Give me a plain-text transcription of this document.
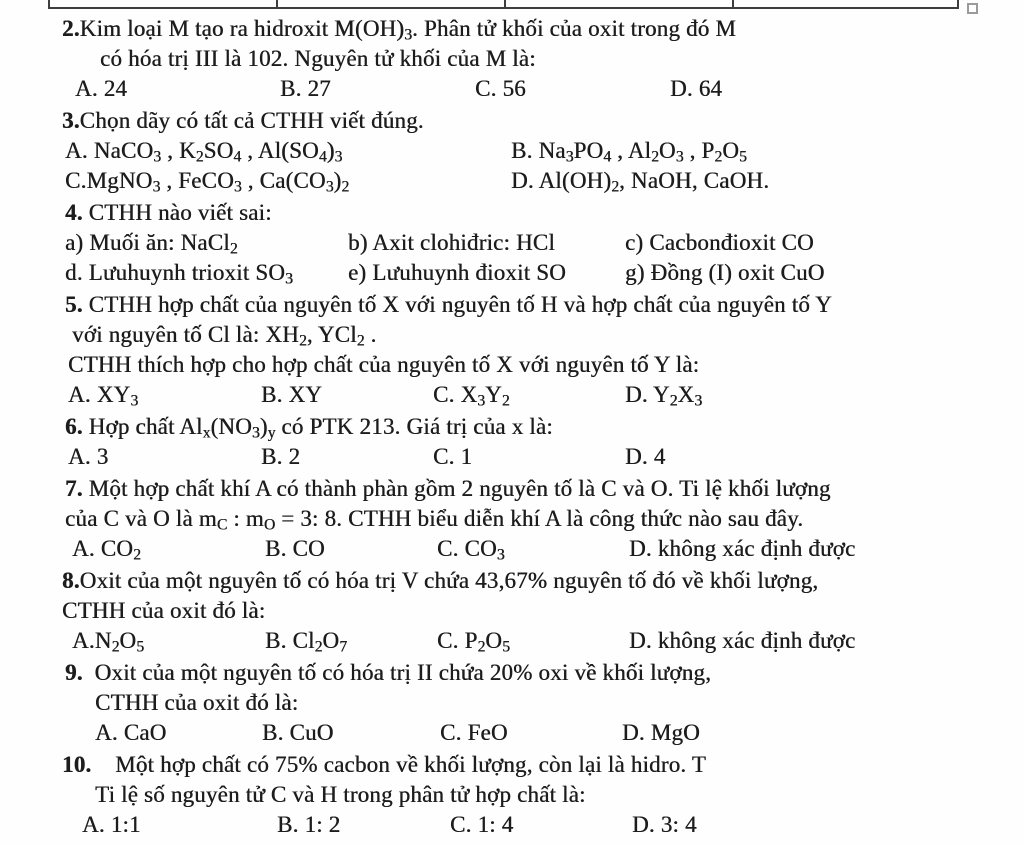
2.Kim loại M tạo ra hidroxit $M(OH)_3$. Phân tử khối của oxit trong đó M
có hóa trị III là 102. Nguyên tử khối của M là:
A. 24	B. 27	C. 56	D. 64
3.Chọn dãy có tất cả CTHH viết đúng.
A. NaCO$_3$ , $K_2SO_4$ , $Al(SO_4)_3$	B. $Na_3PO_4$ , $Al_2O_3$ , $P_2O_5$
C.MgNO$_3$ , FeCO$_3$ , $Ca(CO_3)_2$	D. $Al(OH)_2$, NaOH, CaOH.
4. CTHH nào viết sai:
a) Muối ăn: NaCl$_2$	b) Axit clohiđric: HCl	c) Cacbonđioxit CO
d. Lưuhuynh trioxit $SO_3$	e) Lưuhuynh đioxit SO	g) Đồng (I) oxit CuO
5. CTHH hợp chất của nguyên tố X với nguyên tố H và hợp chất của nguyên tố Y
với nguyên tố Cl là: $XH_2$, YCl$_2$ .
CTHH thích hợp cho hợp chất của nguyên tố X với nguyên tố Y là:
A. $XY_3$	B. XY	C. $X_3Y_2$	D. $Y_2X_3$
6. Hợp chất $Al_x(NO_3)_y$ có PTK 213. Giá trị của x là:
A. 3	B. 2	C. 1	D. 4
7. Một hợp chất khí A có thành phàn gồm 2 nguyên tố là C và O. Ti lệ khối lượng
của C và O là $m_C$ : $m_O = 3$: 8. CTHH biểu diễn khí A là công thức nào sau đây.
A. $CO_2$	B. CO	C. $CO_3$	D. không xác định được
8.Oxit của một nguyên tố có hóa trị V chứa 43,67% nguyên tố đó về khối lượng,
CTHH của oxit đó là:
$A.N_2O_5$	B. $Cl_2O_7$	C. $P_2O_5$	D. không xác định được
9.  Oxit của một nguyên tố có hóa trị II chứa 20% oxi về khối lượng,
CTHH của oxit đó là:
A. CaO	B. CuO	C. FeO	D. MgO
10.    Một hợp chất có 75% cacbon về khối lượng, còn lại là hidro. T
Ti lệ số nguyên tử C và H trong phân tử hợp chất là:
A. 1:1	B. 1: 2	C. 1: 4	D. 3: 4
